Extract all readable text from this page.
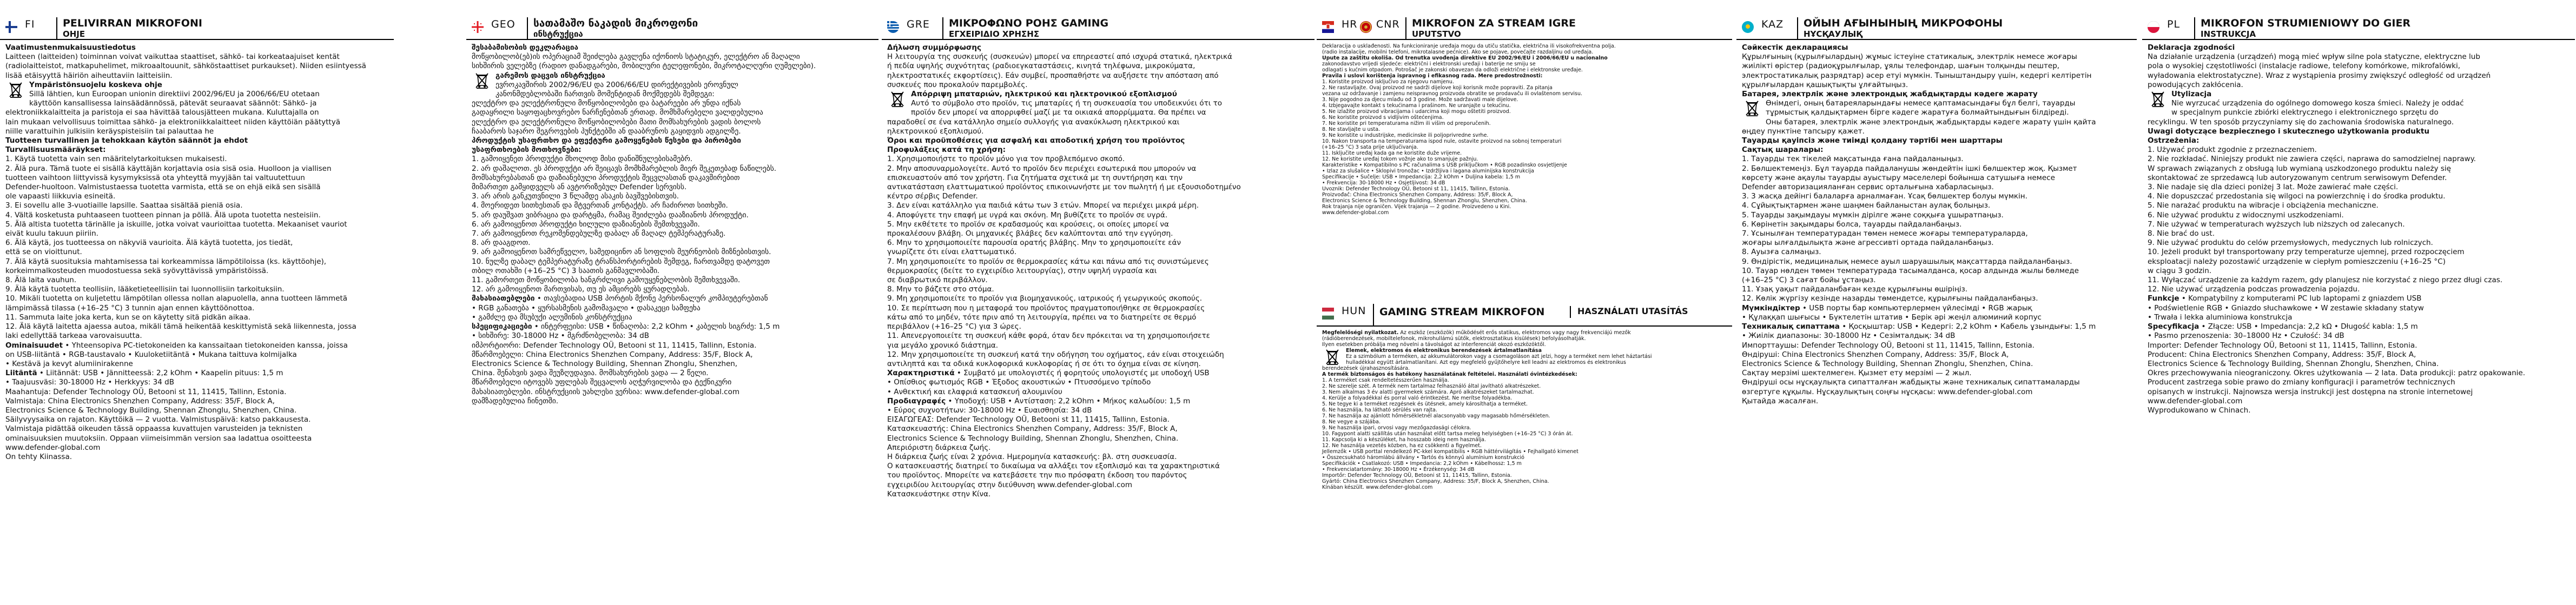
FI	PELIVIRRAN MIKROFONI
OHJE

Vaatimustenmukaisuustiedotus

Laitteen (laitteiden) toiminnan voivat vaikuttaa staattiset, sähkö- tai korkeataajuiset kentät

(radiolaitteistot, matkapuhelimet, mikroaaltouunit, sähköstaattiset purkaukset). Niiden esiintyessä

lisää etäisyyttä häiriön aiheuttaviin laitteisiin.

Ympäristönsuojelu koskeva ohje

Sillä lähtien, kun Euroopan unionin direktiivi 2002/96/EU ja 2006/66/EU otetaan

käyttöön kansallisessa lainsäädännössä, pätevät seuraavat säännöt: Sähkö- ja

elektroniikkalaitteita ja paristoja ei saa hävittää talousjätteen mukana. Kuluttajalla on

lain mukaan velvollisuus toimittaa sähkö- ja elektroniikkalaitteet niiden käyttöiän päätyttyä

niille varattuihin julkisiin keräyspisteisiin tai palauttaa he

Tuotteen turvallinen ja tehokkaan käytön säännöt ja ehdot

Turvallisuusmääräykset:

1. Käytä tuotetta vain sen määritelytarkoituksen mukaisesti.

2. Älä pura. Tämä tuote ei sisällä käyttäjän korjattavia osia sisä osia. Huolloon ja viallisen

tuotteen vaihtoon liittyvissä kysymyksissä ota yhteyttä myyjään tai valtuutettuun

Defender-huoltoon. Valmistustaessa tuotetta varmista, että se on ehjä eikä sen sisällä

ole vapaasti liikkuvia esineitä.

3. Ei sovellu alle 3-vuotiaille lapsille. Saattaa sisältää pieniä osia.

4. Vältä kosketusta puhtaaseen tuotteen pinnan ja pöllä. Älä upota tuotetta nesteisiin.

5. Älä altista tuotetta tärinälle ja iskuille, jotka voivat vaurioittaa tuotetta. Mekaaniset vauriot

eivät kuulu takuun piiriin.

6. Älä käytä, jos tuotteessa on näkyviä vaurioita. Älä käytä tuotetta, jos tiedät,

että se on vioittunut.

7. Älä käytä suosituksia mahtamisessa tai korkeammissa lämpötiloissa (ks. käyttöohje),

korkeimmalkosteuden muodostuessa sekä syövyttävissä ympäristöissä.

8. Älä laita vauhun.

9. Älä käytä tuotetta teollisiin, lääketieteellisiin tai luonnollisiin tarkoituksiin.

10. Mikäli tuotetta on kuljetettu lämpötilan ollessa nollan alapuolella, anna tuotteen lämmetä

lämpimässä tilassa (+16–25 °C) 3 tunnin ajan ennen käyttöönottoa.

11. Sammuta laite joka kerta, kun se on käytetty sitä pidkän aikaa.

12. Älä käytä laitetta ajaessa autoa, mikäli tämä heikentää keskittymistä sekä liikennesta, jossa

laki edellyttää tarkeaa varovaisuutta.

Ominaisuudet • Yhteensopiva PC-tietokoneiden ka kanssaitaan tietokoneiden kanssa, joissa

on USB-liitäntä • RGB-taustavalo • Kuuloketiitäntä • Mukana taittuva kolmijalka

• Kestävä ja kevyt alumiinirakenne

Liitäntä • Liitännät: USB • Jännitteessä: 2,2 kOhm • Kaapelin pituus: 1,5 m

• Taajuusväsi: 30-18000 Hz • Herkkyys: 34 dB

Maahantuja: Defender Technology OÜ, Betooni st 11, 11415, Tallinn, Estonia.

Valmistaja: China Electronics Shenzhen Company, Address: 35/F, Block A,

Electronics Science & Technology Building, Shennan Zhonglu, Shenzhen, China.

Säilyvyysaika on rajaton. Käyttöikä — 2 vuotta. Valmistuspäivä: katso pakkausesta.

Valmistaja pidättää oikeuden tässä oppaassa kuvattujen varusteiden ja teknisten

ominaisuuksien muutoksiin. Oppaan viimeisimmän version saa ladattua osoitteesta

www.defender-global.com

On tehty Kiinassa.

GEO სათამაშო ნაკადის მიკროფონი
ინსტრუქცია

შესაბამისობის დეკლარაცია

მოწყობილობ(ებ)ის ოპერაციამ შეიძლება გავლენა იქონიოს სტატიკურ, ელექტრო ან მაღალი

სიხშირის ველებზე (რადიო დანადგარები, მობილური ტელეფონები, მიკროტალღური ღუმელები).

გარემოს დაცვის ინსტრუქცია

ევროკავშირის 2002/96/EU და 2006/66/EU დირექტივების ეროვნულ

კანონმდებლობაში ჩართვის მომენტიდან მოქმედებს შემდეგი:

ელექტრო და ელექტრონული მოწყობილობები და ბატარეები არ უნდა იქნას

გადაყრილი საყოფაცხოვრებო ნარჩენებთან ერთად. მომხმარებელი ვალდებულია

ელექტრო და ელექტრონული მოწყობილობები მათი მომსახურების ვადის ბოლოს

ჩააბაროს საჯარო შეგროვების პუნქტებში ან დააბრუნოს გაყიდვის ადგილზე.

პროდუქტის უსაფრთხო და ეფექტური გამოყენების წესები და პირობები

უსაფრთხოების მოთხოვნები:

1. გამოიყენეთ პროდუქტი მხოლოდ მისი დანიშნულებისამებრ.

2. არ დაშალოთ. ეს პროდუქტი არ შეიცავს მომხმარებლის მიერ შეკეთებად ნაწილებს.

მომსახურებასთან და დაზიანებული პროდუქტის შეცვლასთან დაკავშირებით

მიმართეთ გამყიდველს ან ავტორიზებულ Defender სერვისს.

3. არ არის განკუთვნილი 3 წლამდე ასაკის ბავშვებისთვის.

4. მოერიდეთ სითხესთან და მტვერთან კონტაქტს. არ ჩაძიროთ სითხეში.

5. არ დაუშვათ ვიბრაცია და დარტყმა, რამაც შეიძლება დააზიანოს პროდუქტი.

6. არ გამოიყენოთ პროდუქტი ხილული დაზიანების შემთხვევაში.

7. არ გამოიყენოთ რეკომენდებულზე დაბალ ან მაღალ ტემპერატურაზე.

8. არ დააგდოთ.

9. არ გამოიყენოთ სამრეწველო, სამედიცინო ან სოფლის მეურნეობის მიზნებისთვის.

10. ნულზე დაბალ ტემპერატურაზე ტრანსპორტირების შემდეგ, ჩართვამდე დატოვეთ

თბილ ოთახში (+16–25 °C) 3 საათის განმავლობაში.

11. გამორთეთ მოწყობილობა ხანგრძლივი გამოუყენებლობის შემთხვევაში.

12. არ გამოიყენოთ მართვისას, თუ ეს ამცირებს ყურადღებას.

მახასიათებლები • თავსებადია USB პორტის მქონე პერსონალურ კომპიუტერებთან

• RGB განათება • ყურსასმენის გამომავალი • დასაკეცი სამფეხა

• გამძლე და მსუბუქი ალუმინის კონსტრუქცია

სპეციფიკაციები • ინტერფეისი: USB • წინაღობა: 2,2 kOhm • კაბელის სიგრძე: 1,5 m

• სიხშირე: 30-18000 Hz • მგრძნობელობა: 34 dB

იმპორტიორი: Defender Technology OÜ, Betooni st 11, 11415, Tallinn, Estonia.

მწარმოებელი: China Electronics Shenzhen Company, Address: 35/F, Block A,

Electronics Science & Technology Building, Shennan Zhonglu, Shenzhen,

China. შენახვის ვადა შეუზღუდავია. მომსახურების ვადა — 2 წელი.

მწარმოებელი იტოვებს უფლებას შეცვალოს აღჭურვილობა და ტექნიკური

მახასიათებლები. ინსტრუქციის უახლესი ვერსია: www.defender-global.com

დამზადებულია ჩინეთში.

GRE ΜΙΚΡΟΦΩΝΟ ΡΟΗΣ GAMING
ΕΓΧΕΙΡΙΔΙΟ ΧΡΗΣΗΣ

Δήλωση συμμόρφωσης

Η λειτουργία της συσκευής (συσκευών) μπορεί να επηρεαστεί από ισχυρά στατικά, ηλεκτρικά

ή πεδία υψηλής συχνότητας (ραδιοεγκαταστάσεις, κινητά τηλέφωνα, μικροκύματα,

ηλεκτροστατικές εκφορτίσεις). Εάν συμβεί, προσπαθήστε να αυξήσετε την απόσταση από

συσκευές που προκαλούν παρεμβολές.

Απόρριψη μπαταριών, ηλεκτρικού και ηλεκτρονικού εξοπλισμού

Αυτό το σύμβολο στο προϊόν, τις μπαταρίες ή τη συσκευασία του υποδεικνύει ότι το

προϊόν δεν μπορεί να απορριφθεί μαζί με τα οικιακά απορρίμματα. Θα πρέπει να

παραδοθεί σε ένα κατάλληλο σημείο συλλογής για ανακύκλωση ηλεκτρικού και

ηλεκτρονικού εξοπλισμού.

Όροι και προϋποθέσεις για ασφαλή και αποδοτική χρήση του προϊόντος

Προφυλάξεις κατά τη χρήση:

1. Χρησιμοποιήστε το προϊόν μόνο για τον προβλεπόμενο σκοπό.

2. Μην αποσυναρμολογείτε. Αυτό το προϊόν δεν περιέχει εσωτερικά που μπορούν να

επισκευαστούν από τον χρήστη. Για ζητήματα σχετικά με τη συντήρηση και την

αντικατάσταση ελαττωματικού προϊόντος επικοινωνήστε με τον πωλητή ή με εξουσιοδοτημένο

κέντρο σέρβις Defender.

3. Δεν είναι κατάλληλο για παιδιά κάτω των 3 ετών. Μπορεί να περιέχει μικρά μέρη.

4. Αποφύγετε την επαφή με υγρά και σκόνη. Μη βυθίζετε το προϊόν σε υγρά.

5. Μην εκθέτετε το προϊόν σε κραδασμούς και κρούσεις, οι οποίες μπορεί να

προκαλέσουν βλάβη. Οι μηχανικές βλάβες δεν καλύπτονται από την εγγύηση.

6. Μην το χρησιμοποιείτε παρουσία ορατής βλάβης. Μην το χρησιμοποιείτε εάν

γνωρίζετε ότι είναι ελαττωματικό.

7. Μη χρησιμοποιείτε το προϊόν σε θερμοκρασίες κάτω και πάνω από τις συνιστώμενες

θερμοκρασίες (δείτε το εγχειρίδιο λειτουργίας), στην υψηλή υγρασία και

σε διαβρωτικό περιβάλλον.

8. Μην το βάζετε στο στόμα.

9. Μη χρησιμοποιείτε το προϊόν για βιομηχανικούς, ιατρικούς ή γεωργικούς σκοπούς.

10. Σε περίπτωση που η μεταφορά του προϊόντος πραγματοποιήθηκε σε θερμοκρασίες

κάτω από το μηδέν, τότε πριν από τη λειτουργία, πρέπει να το διατηρείτε σε θερμό

περιβάλλον (+16–25 °C) για 3 ώρες.

11. Απενεργοποιείτε τη συσκευή κάθε φορά, όταν δεν πρόκειται να τη χρησιμοποιήσετε

για μεγάλο χρονικό διάστημα.

12. Μην χρησιμοποιείτε τη συσκευή κατά την οδήγηση του οχήματος, εάν είναι στοιχειώδη

αντιληπτά και τα οδικά κυκλοφορικά κυκλοφορίας ή σε ότι το όχημα είναι σε κίνηση.

Χαρακτηριστικά • Συμβατό με υπολογιστές ή φορητούς υπολογιστές με υποδοχή USB

• Οπίσθιος φωτισμός RGB • Έξοδος ακουστικών • Πτυσσόμενο τρίποδο

• Ανθεκτική και ελαφριά κατασκευή αλουμινίου

Προδιαγραφές • Υποδοχή: USB • Αντίσταση: 2,2 kOhm • Μήκος καλωδίου: 1,5 m

• Εύρος συχνοτήτων: 30-18000 Hz • Ευαισθησία: 34 dB

ΕΙΣΑΓΩΓΕΑΣ: Defender Technology OÜ, Betooni st 11, 11415, Tallinn, Estonia.

Κατασκευαστής: China Electronics Shenzhen Company, Address: 35/F, Block A,

Electronics Science & Technology Building, Shennan Zhonglu, Shenzhen, China.

Απεριόριστη διάρκεια ζωής.

Η διάρκεια ζωής είναι 2 χρόνια. Ημερομηνία κατασκευής: βλ. στη συσκευασία.

Ο κατασκευαστής διατηρεί το δικαίωμα να αλλάξει τον εξοπλισμό και τα χαρακτηριστικά

του προϊόντος. Μπορείτε να κατεβάσετε την πιο πρόσφατη έκδοση του παρόντος

εγχειριδίου λειτουργίας στην διεύθυνση www.defender-global.com

Κατασκευάστηκε στην Κίνα.

HR CNR MIKROFON ZA STREAM IGRE
UPUTSTVO

Deklaracija o usklađenosti. Na funkcioniranje uređaja mogu da utiču statička, električna ili visokofrekventna polja.

(radio instalacije, mobilni telefoni, mikrotalasne pećnice). Ako se pojave, povećajte razdaljinu od uređaja.

Upute za zaštitu okoliša. Od trenutka uvođenja direktive EU 2002/96/EU i 2006/66/EU u nacionalno

zakonodavstvo vrijedi sljedeće: električni i elektronski uređaji i baterije ne smiju se

odlagati s kućnim otpadom. Potrošač je zakonski obavezan da odloži električne i elektronske uređaje.

Pravila i uslovi korištenja ispravnog i efikasnog rada. Mere predostrožnosti:

1. Koristite proizvod isključivo za njegovu namjenu.

2. Ne rastavljajte. Ovaj proizvod ne sadrži dijelove koji korisnik može popraviti. Za pitanja

vezana uz održavanje i zamjenu neispravnog proizvoda obratite se prodavaču ili ovlaštenom servisu.

3. Nije pogodno za djecu mlađu od 3 godine. Može sadržavati male dijelove.

4. Izbjegavajte kontakt s tekućinama i prašinom. Ne uranjajte u tekućinu.

5. Ne izlažite proizvod vibracijama i udarcima koji mogu oštetiti proizvod.

6. Ne koristite proizvod s vidljivim oštećenjima.

7. Ne koristite pri temperaturama nižim ili višim od preporučenih.

8. Ne stavljajte u usta.

9. Ne koristite u industrijske, medicinske ili poljoprivredne svrhe.

10. Nakon transporta na temperaturama ispod nule, ostavite proizvod na sobnoj temperaturi

(+16–25 °C) 3 sata prije uključivanja.

11. Isključite uređaj kada ga ne koristite duže vrijeme.

12. Ne koristite uređaj tokom vožnje ako to smanjuje pažnju.

Karakteristike • Kompatibilno s PC računalima s USB priključkom • RGB pozadinsko osvjetljenje

• Izlaz za slušalice • Sklopivi tronožac • Izdržljiva i lagana aluminijska konstrukcija

Specifikacije • Sučelje: USB • Impedancija: 2,2 kOhm • Duljina kabela: 1,5 m

• Frekvencija: 30-18000 Hz • Osjetljivost: 34 dB

Uvoznik: Defender Technology OÜ, Betooni st 11, 11415, Tallinn, Estonia.

Proizvođač: China Electronics Shenzhen Company, Address: 35/F, Block A,

Electronics Science & Technology Building, Shennan Zhonglu, Shenzhen, China.

Rok trajanja nije ograničen. Vijek trajanja — 2 godine. Proizvedeno u Kini.

www.defender-global.com

HUN GAMING STREAM MIKROFON	HASZNÁLATI UTASÍTÁS

Megfelelőségi nyilatkozat. Az eszköz (eszközök) működését erős statikus, elektromos vagy nagy frekvenciájú mezők

(rádióberendezések, mobiltelefonok, mikrohullámú sütők, elektrosztatikus kisülések) befolyásolhatják.

Ilyen esetekben próbálja meg növelni a távolságot az interferenciát okozó eszközöktől.

Elemek, elektromos és elektronikus berendezések ártalmatlanítása

Ez a szimbólum a terméken, az akkumulátorokon vagy a csomagoláson azt jelzi, hogy a terméket nem lehet háztartási

hulladékkal együtt ártalmatlanítani. Azt egy megfelelő gyűjtőhelyre kell leadni az elektromos és elektronikus

berendezések újrahasznosítására.

A termék biztonságos és hatékony használatának feltételei. Használati óvintézkedések:

1. A terméket csak rendeltetésszerűen használja.

2. Ne szerelje szét. A termék nem tartalmaz felhasználó által javítható alkatrészeket.

3. Nem alkalmas 3 év alatti gyermekek számára. Apró alkatrészeket tartalmazhat.

4. Kerülje a folyadékkal és porral való érintkezést. Ne merítse folyadékba.

5. Ne tegye ki a terméket rezgésnek és ütésnek, amely károsíthatja a terméket.

6. Ne használja, ha látható sérülés van rajta.

7. Ne használja az ajánlott hőmérsékletnél alacsonyabb vagy magasabb hőmérsékleten.

8. Ne vegye a szájába.

9. Ne használja ipari, orvosi vagy mezőgazdasági célokra.

10. Fagypont alatti szállítás után használat előtt tartsa meleg helyiségben (+16–25 °C) 3 órán át.

11. Kapcsolja ki a készüléket, ha hosszabb ideig nem használja.

12. Ne használja vezetés közben, ha ez csökkenti a figyelmet.

Jellemzők • USB porttal rendelkező PC-kkel kompatibilis • RGB háttérvilágítás • Fejhallgató kimenet

• Összecsukható háromlábú állvány • Tartós és könnyű alumínium konstrukció

Specifikációk • Csatlakozó: USB • Impedancia: 2,2 kOhm • Kábelhossz: 1,5 m

• Frekvenciatartomány: 30-18000 Hz • Érzékenység: 34 dB

Importőr: Defender Technology OÜ, Betooni st 11, 11415, Tallinn, Estonia.

Gyártó: China Electronics Shenzhen Company, Address: 35/F, Block A, Shenzhen, China.

Kínában készült. www.defender-global.com

KAZ ОЙЫН АҒЫНЫНЫҢ МИКРОФОНЫ
НҰСҚАУЛЫҚ

Сәйкестік декларациясы

Құрылғының (құрылғылардың) жұмыс істеуіне статикалық, электрлік немесе жоғары

жиілікті өрістер (радиоқұрылғылар, ұялы телефондар, шағын толқынды пештер,

электростатикалық разрядтар) әсер етуі мүмкін. Тыныштандыру үшін, кедергі келтіретін

құрылғылардан қашықтықты ұлғайтыңыз.

Батарея, электрлік және электрондық жабдықтарды кәдеге жарату

Өнімдегі, оның батареяларындағы немесе қаптамасындағы бұл белгі, тауарды

тұрмыстық қалдықтармен бірге кәдеге жаратуға болмайтындығын білдіреді.

Оны батарея, электрлік және электрондық жабдықтарды кәдеге жарату үшін қайта

өңдеу пунктіне тапсыру қажет.

Тауарды қауіпсіз және тиімді қолдану тәртібі мен шарттары

Сақтық шаралары:

1. Тауарды тек тікелей мақсатында ғана пайдаланыңыз.

2. Бөлшектемеңіз. Бұл тауарда пайдаланушы жөндейтін ішкі бөлшектер жоқ. Қызмет

көрсету және ақаулы тауарды ауыстыру мәселелері бойынша сатушыға немесе

Defender авторизацияланған сервис орталығына хабарласыңыз.

3. 3 жасқа дейінгі балаларға арналмаған. Ұсақ бөлшектер болуы мүмкін.

4. Сұйықтықтармен және шаңмен байланыстан аулақ болыңыз.

5. Тауарды зақымдауы мүмкін дірілге және соққыға ұшыратпаңыз.

6. Көрінетін зақымдары болса, тауарды пайдаланбаңыз.

7. Ұсынылған температурадан төмен немесе жоғары температураларда,

жоғары ылғалдылықта және агрессивті ортада пайдаланбаңыз.

8. Ауызға салмаңыз.

9. Өндірістік, медициналық немесе ауыл шаруашылық мақсаттарда пайдаланбаңыз.

10. Тауар нөлден төмен температурада тасымалданса, қосар алдында жылы бөлмеде

(+16–25 °C) 3 сағат бойы ұстаңыз.

11. Ұзақ уақыт пайдаланбаған кезде құрылғыны өшіріңіз.

12. Көлік жүргізу кезінде назарды төмендетсе, құрылғыны пайдаланбаңыз.

Мүмкіндіктер • USB порты бар компьютерлермен үйлесімді • RGB жарық

• Құлаққап шығысы • Бүктелетін штатив • Берік әрі жеңіл алюминий корпус

Техникалық сипаттама • Қосқыштар: USB • Кедергі: 2,2 kOhm • Кабель ұзындығы: 1,5 m

• Жиілік диапазоны: 30-18000 Hz • Сезімталдық: 34 dB

Импорттаушы: Defender Technology OÜ, Betooni st 11, 11415, Tallinn, Estonia.

Өндіруші: China Electronics Shenzhen Company, Address: 35/F, Block A,

Electronics Science & Technology Building, Shennan Zhonglu, Shenzhen, China.

Сақтау мерзімі шектелмеген. Қызмет ету мерзімі — 2 жыл.

Өндіруші осы нұсқаулықта сипатталған жабдықты және техникалық сипаттамаларды

өзгертуге құқылы. Нұсқаулықтың соңғы нұсқасы: www.defender-global.com

Қытайда жасалған.

PL MIKROFON STRUMIENIOWY DO GIER
INSTRUKCJA

Deklaracja zgodności

Na działanie urządzenia (urządzeń) mogą mieć wpływ silne pola statyczne, elektryczne lub

pola o wysokiej częstotliwości (instalacje radiowe, telefony komórkowe, mikrofalówki,

wyładowania elektrostatyczne). Wraz z wystąpienia prosimy zwiększyć odległość od urządzeń

powodujących zakłócenia.

Utylizacja

Nie wyrzucać urządzenia do ogólnego domowego kosza śmieci. Należy je oddać

w specjalnym punkcie zbiórki elektrycznego i elektronicznego sprzętu do

recyklingu. W ten sposób przyczyniamy się do zachowania środowiska naturalnego.

Uwagi dotyczące bezpiecznego i skutecznego użytkowania produktu

Ostrzeżenia:

1. Używać produkt zgodnie z przeznaczeniem.

2. Nie rozkładać. Niniejszy produkt nie zawiera części, naprawa do samodzielnej naprawy.

W sprawach związanych z obsługą lub wymianą uszkodzonego produktu należy się

skontaktować ze sprzedawcą lub autoryzowanym centrum serwisowym Defender.

3. Nie nadaje się dla dzieci poniżej 3 lat. Może zawierać małe części.

4. Nie dopuszczać przedostania się wilgoci na powierzchnię i do środka produktu.

5. Nie narażać produktu na wibracje i obciążenia mechaniczne.

6. Nie używać produktu z widocznymi uszkodzeniami.

7. Nie używać w temperaturach wyższych lub niższych od zalecanych.

8. Nie brać do ust.

9. Nie używać produktu do celów przemysłowych, medycznych lub rolniczych.

10. Jeżeli produkt był transportowany przy temperaturze ujemnej, przed rozpoczęciem

eksploatacji należy pozostawić urządzenie w ciepłym pomieszczeniu (+16–25 °C)

w ciągu 3 godzin.

11. Wyłączać urządzenie za każdym razem, gdy planujesz nie korzystać z niego przez długi czas.

12. Nie używać urządzenia podczas prowadzenia pojazdu.

Funkcje • Kompatybilny z komputerami PC lub laptopami z gniazdem USB

• Podświetlenie RGB • Gniazdo słuchawkowe • W zestawie składany statyw

• Trwała i lekka aluminiowa konstrukcja

Specyfikacja • Złącze: USB • Impedancja: 2,2 kΩ • Długość kabla: 1,5 m

• Pasmo przenoszenia: 30–18000 Hz • Czułość: 34 dB

Importer: Defender Technology OÜ, Betooni st 11, 11415, Tallinn, Estonia.

Producent: China Electronics Shenzhen Company, Address: 35/F, Block A,

Electronics Science & Technology Building, Shennan Zhonglu, Shenzhen, China.

Okres przechowywania nieograniczony. Okres użytkowania — 2 lata. Data produkcji: patrz opakowanie.

Producent zastrzega sobie prawo do zmiany konfiguracji i parametrów technicznych

opisanych w instrukcji. Najnowsza wersja instrukcji jest dostępna na stronie internetowej

www.defender-global.com

Wyprodukowano w Chinach.
